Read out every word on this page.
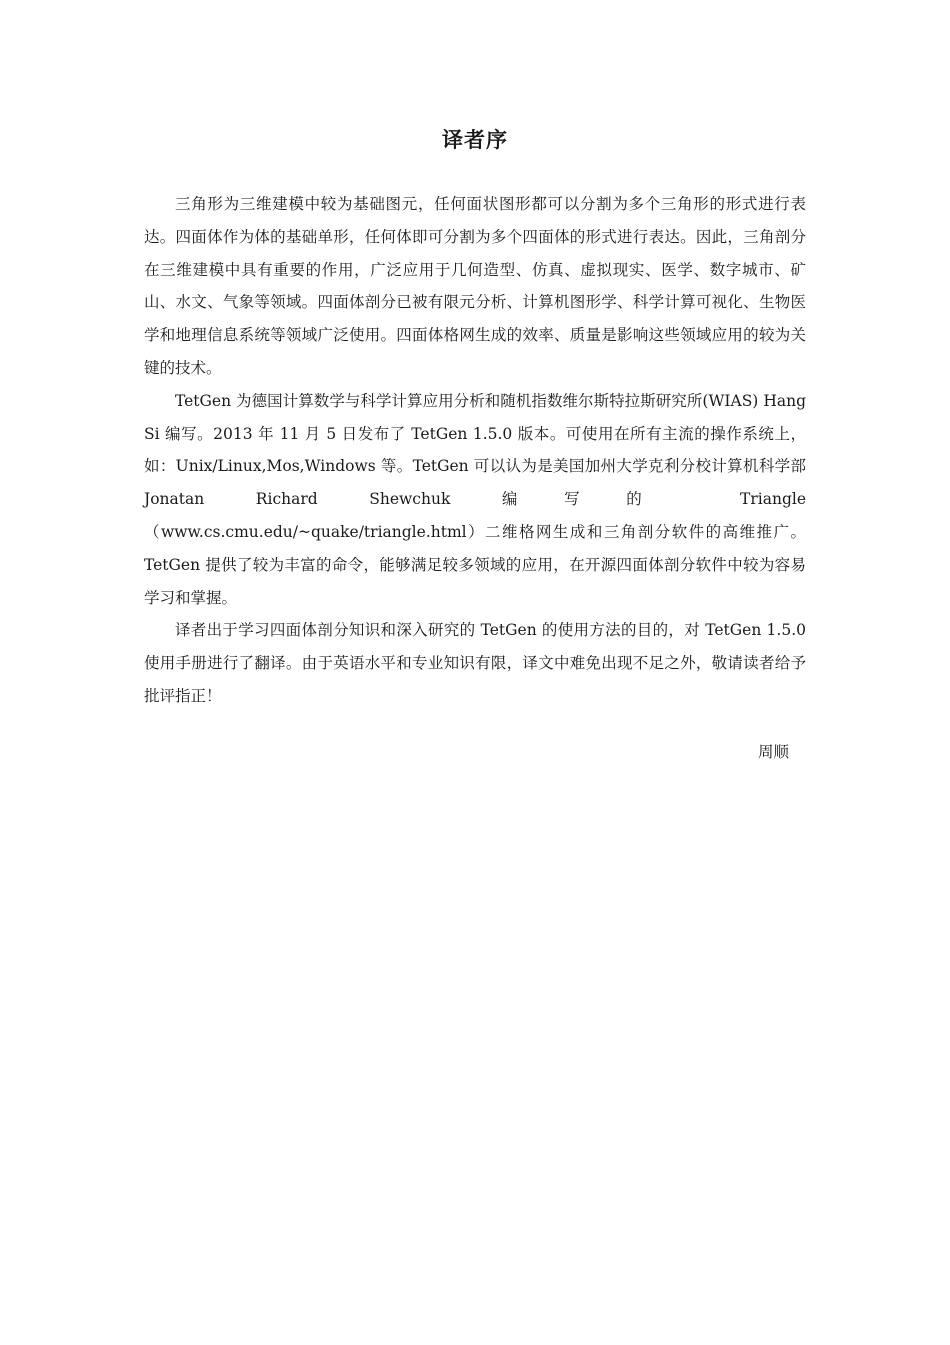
译者序

三角形为三维建模中较为基础图元，任何面状图形都可以分割为多个三角形的形式进行表达。四面体作为体的基础单形，任何体即可分割为多个四面体的形式进行表达。因此，三角剖分在三维建模中具有重要的作用，广泛应用于几何造型、仿真、虚拟现实、医学、数字城市、矿山、水文、气象等领域。四面体剖分已被有限元分析、计算机图形学、科学计算可视化、生物医学和地理信息系统等领域广泛使用。四面体格网生成的效率、质量是影响这些领域应用的较为关键的技术。

TetGen 为德国计算数学与科学计算应用分析和随机指数维尔斯特拉斯研究所(WIAS) Hang Si 编写。2013 年 11 月 5 日发布了 TetGen 1.5.0 版本。可使用在所有主流的操作系统上，如：Unix/Linux,Mos,Windows 等。TetGen 可以认为是美国加州大学克利分校计算机科学部 Jonatan Richard Shewchuk 编写的 Triangle（www.cs.cmu.edu/~quake/triangle.html）二维格网生成和三角剖分软件的高维推广。TetGen 提供了较为丰富的命令，能够满足较多领域的应用，在开源四面体剖分软件中较为容易学习和掌握。

译者出于学习四面体剖分知识和深入研究的 TetGen 的使用方法的目的，对 TetGen 1.5.0 使用手册进行了翻译。由于英语水平和专业知识有限，译文中难免出现不足之外，敬请读者给予批评指正！

周顺
